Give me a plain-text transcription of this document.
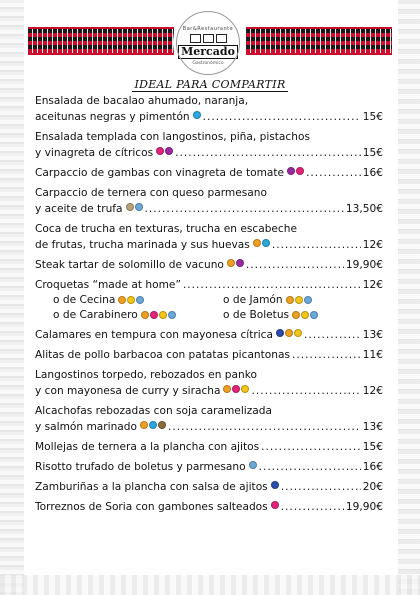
Bar&Restaurante
Mercado
Gastronómico
IDEAL PARA COMPARTIR
Ensalada de bacalao ahumado, naranja,
aceitunas negras y pimentón .....	15€
Ensalada templada con langostinos, piña, pistachos
y vinagreta de cítricos .....	15€
Carpaccio de gambas con vinagreta de tomate .....	16€
Carpaccio de ternera con queso parmesano
y aceite de trufa .....	13,50€
Coca de trucha en texturas, trucha en escabeche
de frutas, trucha marinada y sus huevas .....	12€
Steak tartar de solomillo de vacuno .....	19,90€
Croquetas “made at home” .....	12€
o de Cecina	o de Jamón
o de Carabinero	o de Boletus
Calamares en tempura con mayonesa cítrica .....	13€
Alitas de pollo barbacoa con patatas picantonas .....	11€
Langostinos torpedo, rebozados en panko
y con mayonesa de curry y siracha .....	12€
Alcachofas rebozadas con soja caramelizada
y salmón marinado .....	13€
Mollejas de ternera a la plancha con ajitos .....	15€
Risotto trufado de boletus y parmesano .....	16€
Zamburiñas a la plancha con salsa de ajitos .....	20€
Torreznos de Soria con gambones salteados .....	19,90€
